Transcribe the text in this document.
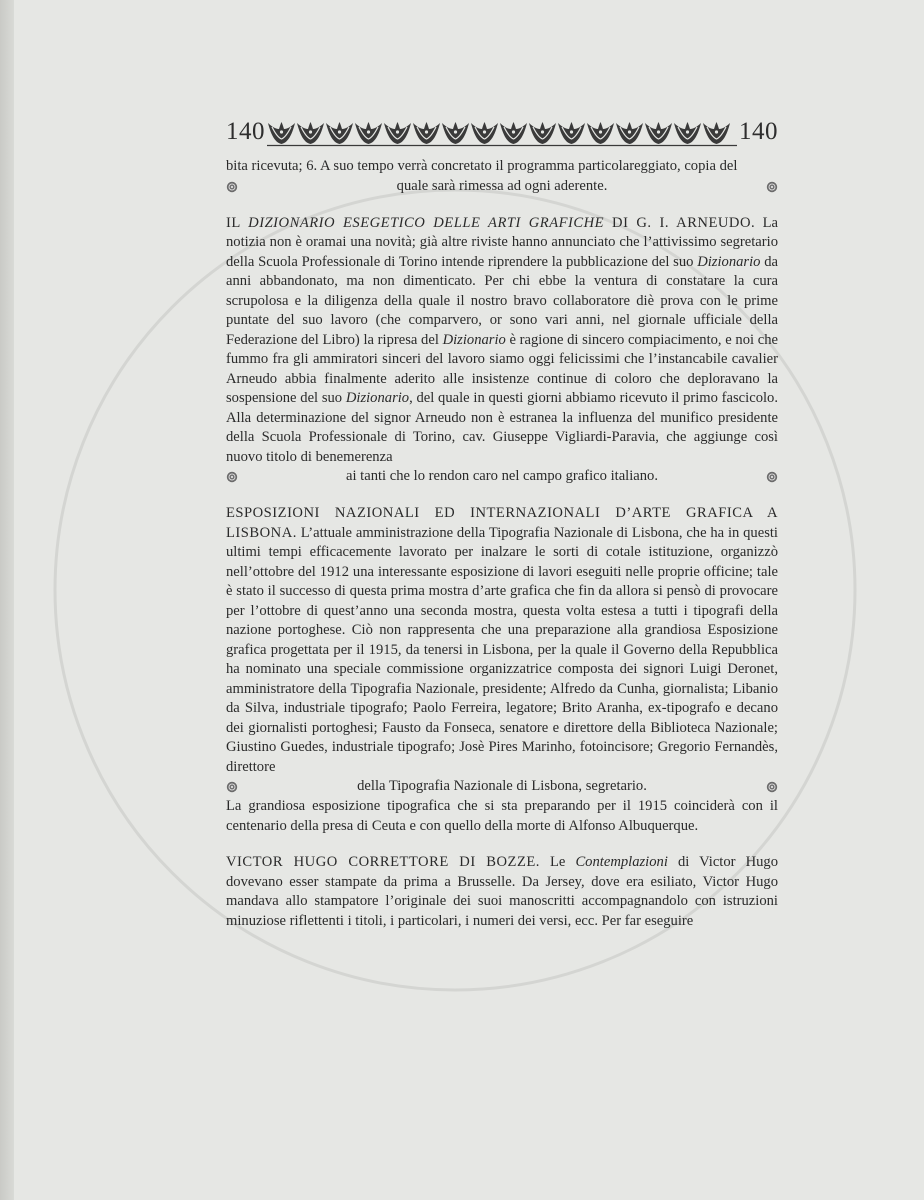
140	140

bita ricevuta; 6. A suo tempo verrà concretato il programma particolareggiato, copia del

quale sarà rimessa ad ogni aderente.

IL DIZIONARIO ESEGETICO DELLE ARTI GRAFICHE DI G. I. ARNEUDO. La notizia non è oramai una novità; già altre riviste hanno annunciato che l’attivissimo segretario della Scuola Professionale di Torino intende riprendere la pubblicazione del suo Dizionario da anni abbandonato, ma non dimenticato. Per chi ebbe la ventura di constatare la cura scrupolosa e la diligenza della quale il nostro bravo collaboratore diè prova con le prime puntate del suo lavoro (che comparvero, or sono vari anni, nel giornale ufficiale della Federazione del Libro) la ripresa del Dizionario è ragione di sincero compiacimento, e noi che fummo fra gli ammiratori sinceri del lavoro siamo oggi felicissimi che l’instancabile cavalier Arneudo abbia finalmente aderito alle insistenze continue di coloro che deploravano la sospensione del suo Dizionario, del quale in questi giorni abbiamo ricevuto il primo fascicolo. Alla determinazione del signor Arneudo non è estranea la influenza del munifico presidente della Scuola Professionale di Torino, cav. Giuseppe Vigliardi-Paravia, che aggiunge così nuovo titolo di benemerenza

ai tanti che lo rendon caro nel campo grafico italiano.

ESPOSIZIONI NAZIONALI ED INTERNAZIONALI D’ARTE GRAFICA A LISBONA. L’attuale amministrazione della Tipografia Nazionale di Lisbona, che ha in questi ultimi tempi efficacemente lavorato per inalzare le sorti di cotale istituzione, organizzò nell’ottobre del 1912 una interessante esposizione di lavori eseguiti nelle proprie officine; tale è stato il successo di questa prima mostra d’arte grafica che fin da allora si pensò di provocare per l’ottobre di quest’anno una seconda mostra, questa volta estesa a tutti i tipografi della nazione portoghese. Ciò non rappresenta che una preparazione alla grandiosa Esposizione grafica progettata per il 1915, da tenersi in Lisbona, per la quale il Governo della Repubblica ha nominato una speciale commissione organizzatrice composta dei signori Luigi Deronet, amministratore della Tipografia Nazionale, presidente; Alfredo da Cunha, giornalista; Libanio da Silva, industriale tipografo; Paolo Ferreira, legatore; Brito Aranha, ex-tipografo e decano dei giornalisti portoghesi; Fausto da Fonseca, senatore e direttore della Biblioteca Nazionale; Giustino Guedes, industriale tipografo; Josè Pires Marinho, fotoincisore; Gregorio Fernandès, direttore

della Tipografia Nazionale di Lisbona, segretario.

La grandiosa esposizione tipografica che si sta preparando per il 1915 coinciderà con il centenario della presa di Ceuta e con quello della morte di Alfonso Albuquerque.

VICTOR HUGO CORRETTORE DI BOZZE. Le Contemplazioni di Victor Hugo dovevano esser stampate da prima a Brusselle. Da Jersey, dove era esiliato, Victor Hugo mandava allo stampatore l’originale dei suoi manoscritti accompagnandolo con istruzioni minuziose riflettenti i titoli, i particolari, i numeri dei versi, ecc. Per far eseguire
